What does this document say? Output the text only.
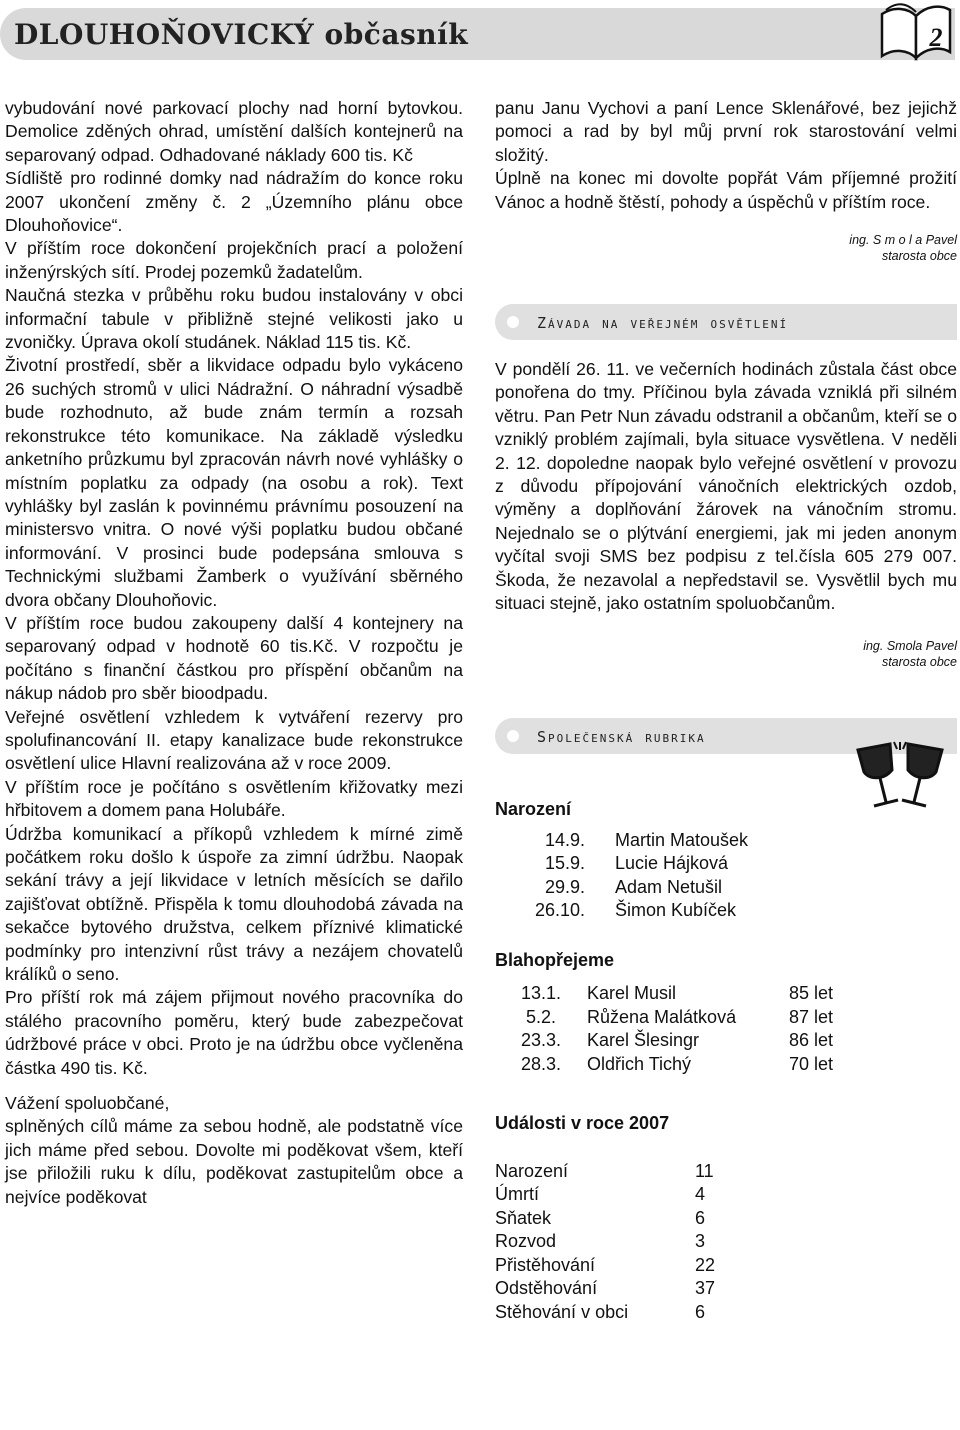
DLOUHOŇOVICKÝ občasník	2

vybudování nové parkovací plochy nad horní bytovkou. Demolice zděných ohrad, umístění dalších kontejnerů na separovaný odpad. Odhadované náklady 600 tis. Kč

Sídliště pro rodinné domky nad nádražím do konce roku 2007 ukončení změny č. 2 „Územního plánu obce Dlouhoňovice“.

V příštím roce dokončení projekčních prací a položení inženýrských sítí. Prodej pozemků žadatelům.

Naučná stezka v průběhu roku budou instalovány v obci informační tabule v přibližně stejné velikosti jako u zvoničky. Úprava okolí studánek. Náklad 115 tis. Kč.

Životní prostředí, sběr a likvidace odpadu bylo vykáceno 26 suchých stromů v ulici Nádražní. O náhradní výsadbě bude rozhodnuto, až bude znám termín a rozsah rekonstrukce této komunikace. Na základě výsledku anketního průzkumu byl zpracován návrh nové vyhlášky o místním poplatku za odpady (na osobu a rok). Text vyhlášky byl zaslán k povinnému právnímu posouzení na ministersvo vnitra. O nové výši poplatku budou občané informování. V prosinci bude podepsána smlouva s Technickými službami Žamberk o využívání sběrného dvora občany Dlouhoňovic.

V příštím roce budou zakoupeny další 4 kontejnery na separovaný odpad v hodnotě 60 tis.Kč. V rozpočtu je počítáno s finanční částkou pro příspění občanům na nákup nádob pro sběr bioodpadu.

Veřejné osvětlení vzhledem k vytváření rezervy pro spolufinancování II. etapy kanalizace bude rekonstrukce osvětlení ulice Hlavní realizována až v roce 2009.

V příštím roce je počítáno s osvětlením křižovatky mezi hřbitovem a domem pana Holubáře.

Údržba komunikací a příkopů vzhledem k mírné zimě počátkem roku došlo k úspoře za zimní údržbu. Naopak sekání trávy a její likvidace v letních měsících se dařilo zajišťovat obtížně. Přispěla k tomu dlouhodobá závada na sekačce bytového družstva, celkem příznivé klimatické podmínky pro intenzivní růst trávy a nezájem chovatelů králíků o seno.

Pro příští rok má zájem přijmout nového pracovníka do stálého pracovního poměru, který bude zabezpečovat údržbové práce v obci. Proto je na údržbu obce vyčleněna částka 490 tis. Kč.

Vážení spoluobčané,

splněných cílů máme za sebou hodně, ale podstatně více jich máme před sebou. Dovolte mi poděkovat všem, kteří jse přiložili ruku k dílu, poděkovat zastupitelům obce a nejvíce poděkovat

panu Janu Vychovi a paní Lence Sklenářové, bez jejichž pomoci a rad by byl můj první rok starostování velmi složitý.

Úplně na konec mi dovolte popřát Vám příjemné prožití Vánoc a hodně štěstí, pohody a úspěchů v příštím roce.

ing. S m o l a Pavel
starosta obce
Závada na veřejném osvětlení

V pondělí 26. 11. ve večerních hodinách zůstala část obce ponořena do tmy. Příčinou byla závada vzniklá při silném větru. Pan Petr Nun závadu odstranil a občanům, kteří se o vzniklý problém zajímali, byla situace vysvětlena. V neděli 2. 12. dopoledne naopak bylo veřejné osvětlení v provozu z důvodu přípojování vánočních elektrických ozdob, výměny a doplňování žárovek na vánočním stromu. Nejednalo se o plýtvání energiemi, jak mi jeden anonym vyčítal svoji SMS bez podpisu z tel.čísla 605 279 007. Škoda, že nezavolal a nepředstavil se. Vysvětlil bych mu situaci stejně, jako ostatním spoluobčanům.

ing. Smola Pavel
starosta obce
Společenská rubrika
Narození
14.9.	Martin Matoušek
15.9.	Lucie Hájková
29.9.	Adam Netušil
26.10.	Šimon Kubíček
Blahopřejeme
13.1.	Karel Musil	85 let
5.2.	Růžena Malátková	87 let
23.3.	Karel Šlesingr	86 let
28.3.	Oldřich Tichý	70 let
Události v roce 2007
Narození	11
Úmrtí	4
Sňatek	6
Rozvod	3
Přistěhování	22
Odstěhování	37
Stěhování v obci	6
